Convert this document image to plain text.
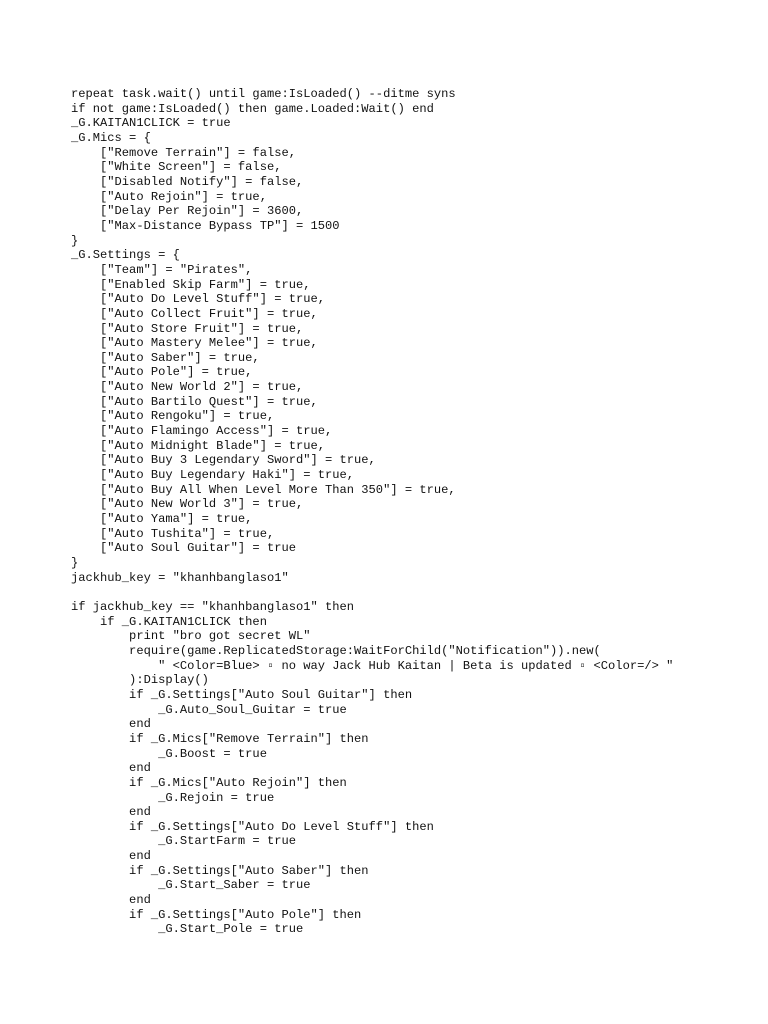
repeat task.wait() until game:IsLoaded() --ditme syns
if not game:IsLoaded() then game.Loaded:Wait() end
_G.KAITAN1CLICK = true
_G.Mics = {
["Remove Terrain"] = false,
["White Screen"] = false,
["Disabled Notify"] = false,
["Auto Rejoin"] = true,
["Delay Per Rejoin"] = 3600,
["Max-Distance Bypass TP"] = 1500
}
_G.Settings = {
["Team"] = "Pirates",
["Enabled Skip Farm"] = true,
["Auto Do Level Stuff"] = true,
["Auto Collect Fruit"] = true,
["Auto Store Fruit"] = true,
["Auto Mastery Melee"] = true,
["Auto Saber"] = true,
["Auto Pole"] = true,
["Auto New World 2"] = true,
["Auto Bartilo Quest"] = true,
["Auto Rengoku"] = true,
["Auto Flamingo Access"] = true,
["Auto Midnight Blade"] = true,
["Auto Buy 3 Legendary Sword"] = true,
["Auto Buy Legendary Haki"] = true,
["Auto Buy All When Level More Than 350"] = true,
["Auto New World 3"] = true,
["Auto Yama"] = true,
["Auto Tushita"] = true,
["Auto Soul Guitar"] = true
}
jackhub_key = "khanhbanglaso1"
if jackhub_key == "khanhbanglaso1" then
if _G.KAITAN1CLICK then
print "bro got secret WL"
require(game.ReplicatedStorage:WaitForChild("Notification")).new(
" <Color=Blue> ▫ no way Jack Hub Kaitan | Beta is updated ▫ <Color=/> "
):Display()
if _G.Settings["Auto Soul Guitar"] then
_G.Auto_Soul_Guitar = true
end
if _G.Mics["Remove Terrain"] then
_G.Boost = true
end
if _G.Mics["Auto Rejoin"] then
_G.Rejoin = true
end
if _G.Settings["Auto Do Level Stuff"] then
_G.StartFarm = true
end
if _G.Settings["Auto Saber"] then
_G.Start_Saber = true
end
if _G.Settings["Auto Pole"] then
_G.Start_Pole = true
